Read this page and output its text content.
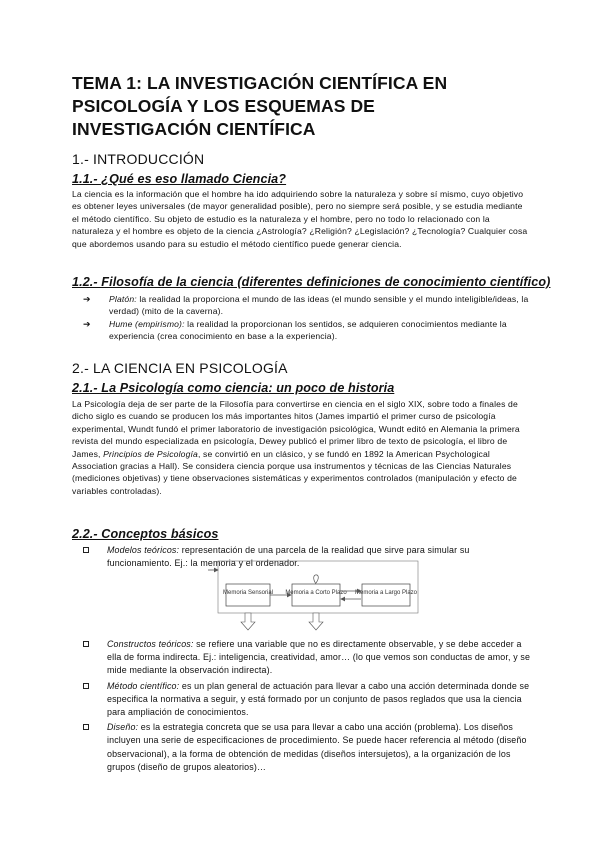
TEMA 1: LA INVESTIGACIÓN CIENTÍFICA EN PSICOLOGÍA Y LOS ESQUEMAS DE INVESTIGACIÓN CIENTÍFICA
1.- INTRODUCCIÓN
1.1.- ¿Qué es eso llamado Ciencia?

La ciencia es la información que el hombre ha ido adquiriendo sobre la naturaleza y sobre sí mismo, cuyo objetivo es obtener leyes universales (de mayor generalidad posible), pero no siempre será posible, y se estudia mediante el método científico. Su objeto de estudio es la naturaleza y el hombre, pero no todo lo relacionado con la naturaleza y el hombre es objeto de la ciencia ¿Astrología? ¿Religión? ¿Legislación? ¿Tecnología? Cualquier cosa que abordemos usando para su estudio el método científico puede generar ciencia.

1.2.- Filosofía de la ciencia (diferentes definiciones de conocimiento científico)
➔ Platón: la realidad la proporciona el mundo de las ideas (el mundo sensible y el mundo inteligible/ideas, la verdad) (mito de la caverna).
➔ Hume (empirismo): la realidad la proporcionan los sentidos, se adquieren conocimientos mediante la experiencia (crea conocimiento en base a la experiencia).
2.- LA CIENCIA EN PSICOLOGÍA
2.1.- La Psicología como ciencia: un poco de historia

La Psicología deja de ser parte de la Filosofía para convertirse en ciencia en el siglo XIX, sobre todo a finales de dicho siglo es cuando se producen los más importantes hitos (James impartió el primer curso de psicología experimental, Wundt fundó el primer laboratorio de investigación psicológica, Wundt editó en Alemania la primera revista del mundo especializada en psicología, Dewey publicó el primer libro de texto de psicología, el libro de James, Principios de Psicología, se convirtió en un clásico, y se fundó en 1892 la American Psychological Association gracias a Hall). Se considera ciencia porque usa instrumentos y técnicas de las Ciencias Naturales (mediciones objetivas) y tiene observaciones sistemáticas y experimentos controlados (manipulación y efecto de variables controladas).

2.2.- Conceptos básicos
Modelos teóricos: representación de una parcela de la realidad que sirve para simular su funcionamiento. Ej.: la memoria y el ordenador.
Memoria Sensorial Memoria a Corto Plazo Memoria a Largo Plazo
Constructos teóricos: se refiere una variable que no es directamente observable, y se debe acceder a ella de forma indirecta. Ej.: inteligencia, creatividad, amor… (lo que vemos son conductas de amor, y se mide mediante la observación indirecta).
Método científico: es un plan general de actuación para llevar a cabo una acción determinada donde se especifica la normativa a seguir, y está formado por un conjunto de pasos reglados que usa la ciencia para ampliación de conocimientos.
Diseño: es la estrategia concreta que se usa para llevar a cabo una acción (problema). Los diseños incluyen una serie de especificaciones de procedimiento. Se puede hacer referencia al método (diseño observacional), a la forma de obtención de medidas (diseños intersujetos), a la organización de los grupos (diseño de grupos aleatorios)…
